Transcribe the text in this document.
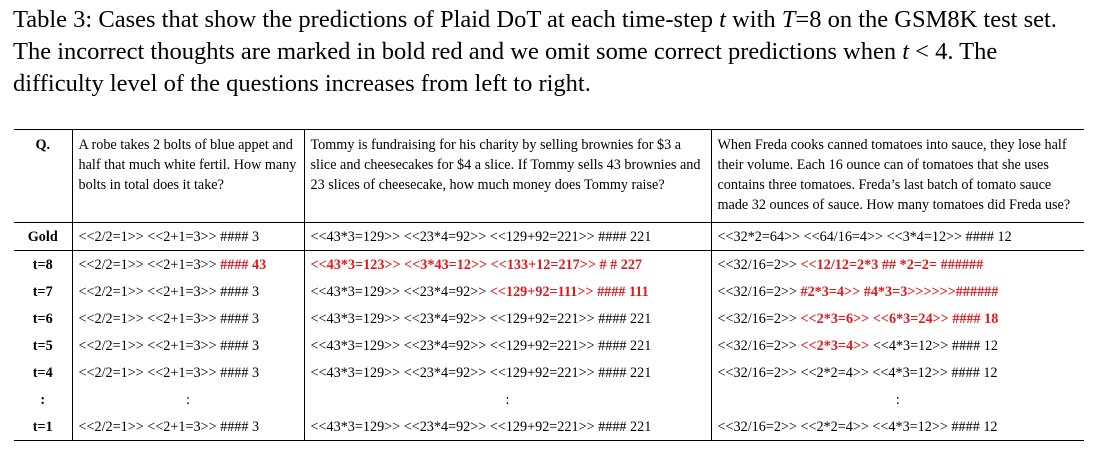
Table 3: Cases that show the predictions of Plaid DoT at each time-step t with T=8 on the GSM8K test set. The incorrect thoughts are marked in bold red and we omit some correct predictions when t < 4. The difficulty level of the questions increases from left to right.
Q.	A robe takes 2 bolts of blue appet and half that much white fertil. How many bolts in total does it take?	Tommy is fundraising for his charity by selling brownies for $3 a slice and cheesecakes for $4 a slice. If Tommy sells 43 brownies and 23 slices of cheesecake, how much money does Tommy raise?	When Freda cooks canned tomatoes into sauce, they lose half their volume. Each 16 ounce can of tomatoes that she uses contains three tomatoes. Freda’s last batch of tomato sauce made 32 ounces of sauce. How many tomatoes did Freda use?
Gold	<<2/2=1>> <<2+1=3>> #### 3	<<43*3=129>> <<23*4=92>> <<129+92=221>> #### 221	<<32*2=64>> <<64/16=4>> <<3*4=12>> #### 12
t=8	<<2/2=1>> <<2+1=3>> #### 43	<<43*3=123>> <<3*43=12>> <<133+12=217>> # # 227	<<32/16=2>> <<12/12=2*3 ## *2=2= ######
t=7	<<2/2=1>> <<2+1=3>> #### 3	<<43*3=129>> <<23*4=92>> <<129+92=111>> #### 111	<<32/16=2>> #2*3=4>> #4*3=3>>>>>>######
t=6	<<2/2=1>> <<2+1=3>> #### 3	<<43*3=129>> <<23*4=92>> <<129+92=221>> #### 221	<<32/16=2>> <<2*3=6>> <<6*3=24>> #### 18
t=5	<<2/2=1>> <<2+1=3>> #### 3	<<43*3=129>> <<23*4=92>> <<129+92=221>> #### 221	<<32/16=2>> <<2*3=4>> <<4*3=12>> #### 12
t=4	<<2/2=1>> <<2+1=3>> #### 3	<<43*3=129>> <<23*4=92>> <<129+92=221>> #### 221	<<32/16=2>> <<2*2=4>> <<4*3=12>> #### 12
:	:	:	:
t=1	<<2/2=1>> <<2+1=3>> #### 3	<<43*3=129>> <<23*4=92>> <<129+92=221>> #### 221	<<32/16=2>> <<2*2=4>> <<4*3=12>> #### 12
